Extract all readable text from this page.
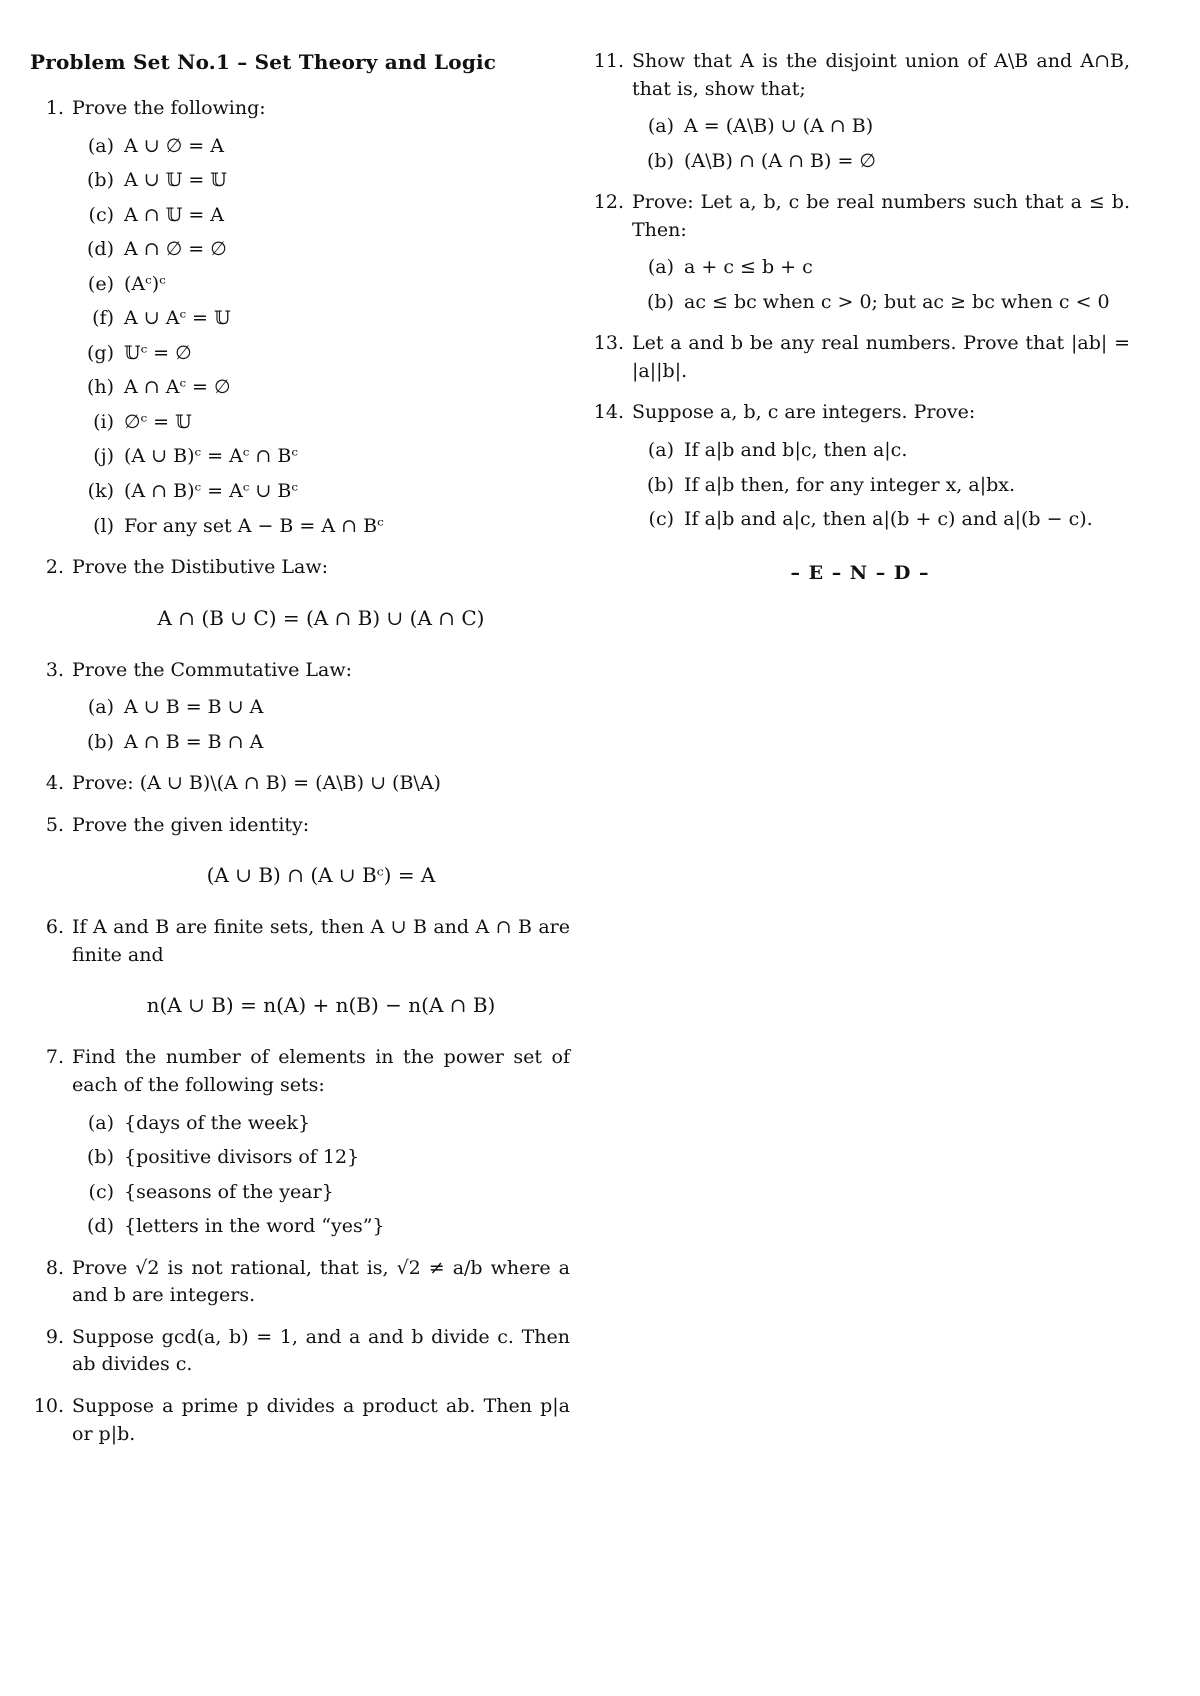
Problem Set No.1 – Set Theory and Logic
1. Prove the following:
(a) A ∪ ∅ = A
(b) A ∪ 𝕌 = 𝕌
(c) A ∩ 𝕌 = A
(d) A ∩ ∅ = ∅
(e) (Aᶜ)ᶜ
(f) A ∪ Aᶜ = 𝕌
(g) 𝕌ᶜ = ∅
(h) A ∩ Aᶜ = ∅
(i) ∅ᶜ = 𝕌
(j) (A ∪ B)ᶜ = Aᶜ ∩ Bᶜ
(k) (A ∩ B)ᶜ = Aᶜ ∪ Bᶜ
(l) For any set A − B = A ∩ Bᶜ
2. Prove the Distibutive Law:
A ∩ (B ∪ C) = (A ∩ B) ∪ (A ∩ C)
3. Prove the Commutative Law:
(a) A ∪ B = B ∪ A
(b) A ∩ B = B ∩ A
4. Prove: (A ∪ B)\(A ∩ B) = (A\B) ∪ (B\A)
5. Prove the given identity:
(A ∪ B) ∩ (A ∪ Bᶜ) = A
6. If A and B are finite sets, then A ∪ B and A ∩ B are finite and
n(A ∪ B) = n(A) + n(B) − n(A ∩ B)
7. Find the number of elements in the power set of each of the following sets:
(a) {days of the week}
(b) {positive divisors of 12}
(c) {seasons of the year}
(d) {letters in the word “yes”}
8. Prove √2 is not rational, that is, √2 ≠ a/b where a and b are integers.
9. Suppose gcd(a, b) = 1, and a and b divide c. Then ab divides c.
10. Suppose a prime p divides a product ab. Then p|a or p|b.
11. Show that A is the disjoint union of A\B and A∩B, that is, show that;
(a) A = (A\B) ∪ (A ∩ B)
(b) (A\B) ∩ (A ∩ B) = ∅
12. Prove: Let a, b, c be real numbers such that a ≤ b. Then:
(a) a + c ≤ b + c
(b) ac ≤ bc when c > 0; but ac ≥ bc when c < 0
13. Let a and b be any real numbers. Prove that |ab| = |a||b|.
14. Suppose a, b, c are integers. Prove:
(a) If a|b and b|c, then a|c.
(b) If a|b then, for any integer x, a|bx.
(c) If a|b and a|c, then a|(b + c) and a|(b − c).
– E – N – D –
